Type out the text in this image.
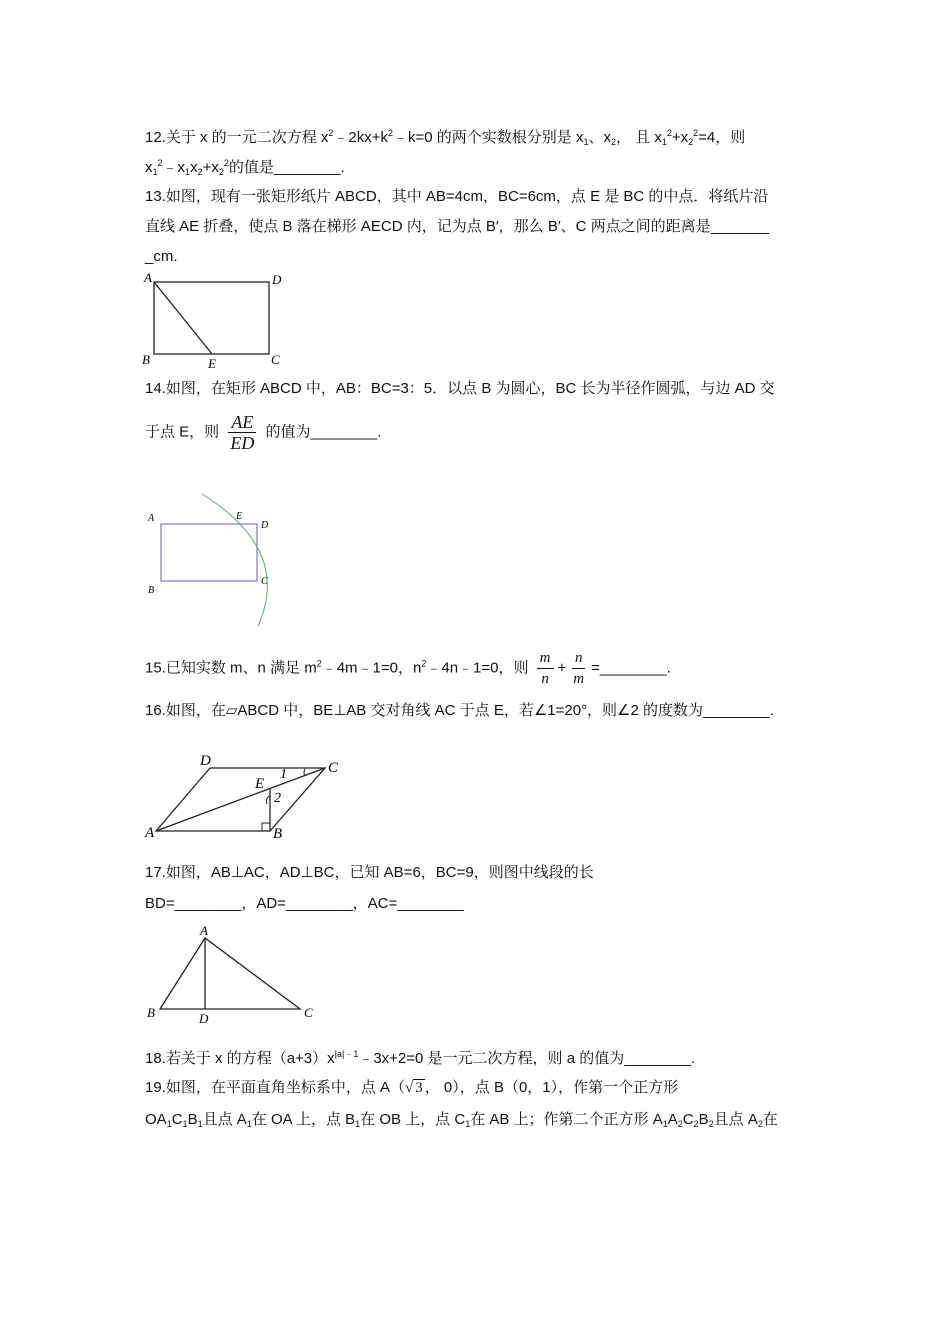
12.关于 x 的一元二次方程 $x^2﹣2kx+k^2﹣k=0$ 的两个实数根分别是 $x_1$、$x_2$， 且 $x_1^2+x_2^2=4$，则
$x_1^2﹣x_1x_2+x_2^2$的值是________.
13.如图，现有一张矩形纸片 ABCD，其中 AB=4cm，BC=6cm，点 E 是 BC 的中点．将纸片沿
直线 AE 折叠，使点 B 落在梯形 AECD 内，记为点 B′，那么 B′、C 两点之间的距离是_______
_cm.
A	D
B	E	C
14.如图，在矩形 ABCD 中，AB：BC=3：5．以点 B 为圆心，BC 长为半径作圆弧，与边 AD 交
于点 E，则 $\frac{AE}{ED}$ 的值为________.
A	E
D
B
C
15.已知实数 m、n 满足 $m^2﹣4m﹣1=0$，$n^2﹣4n﹣1=0$，则 $\frac{m}{n} + \frac{n}{m}$ =________.
16.如图，在▱ABCD 中，BE⊥AB 交对角线 AC 于点 E，若∠1=20°，则∠2 的度数为________.
A
D	C
B
E
1
2
17.如图，AB⊥AC，AD⊥BC，已知 AB=6，BC=9，则图中线段的长
BD=________，AD=________，AC=________
A
B	D	C
18.若关于 x 的方程$(a+3)x^{|a|﹣1}﹣3x+2=0$ 是一元二次方程，则 a 的值为________.
19.如图，在平面直角坐标系中，点 A（√ 3 ， 0），点 B（0，1），作第一个正方形
$OA_1C_1B_1$且点 $A_1$在 OA 上，点 $B_1$在 OB 上，点 $C_1$在 AB 上；作第二个正方形 $A_1A_2C_2B_2$且点 $A_2$在
